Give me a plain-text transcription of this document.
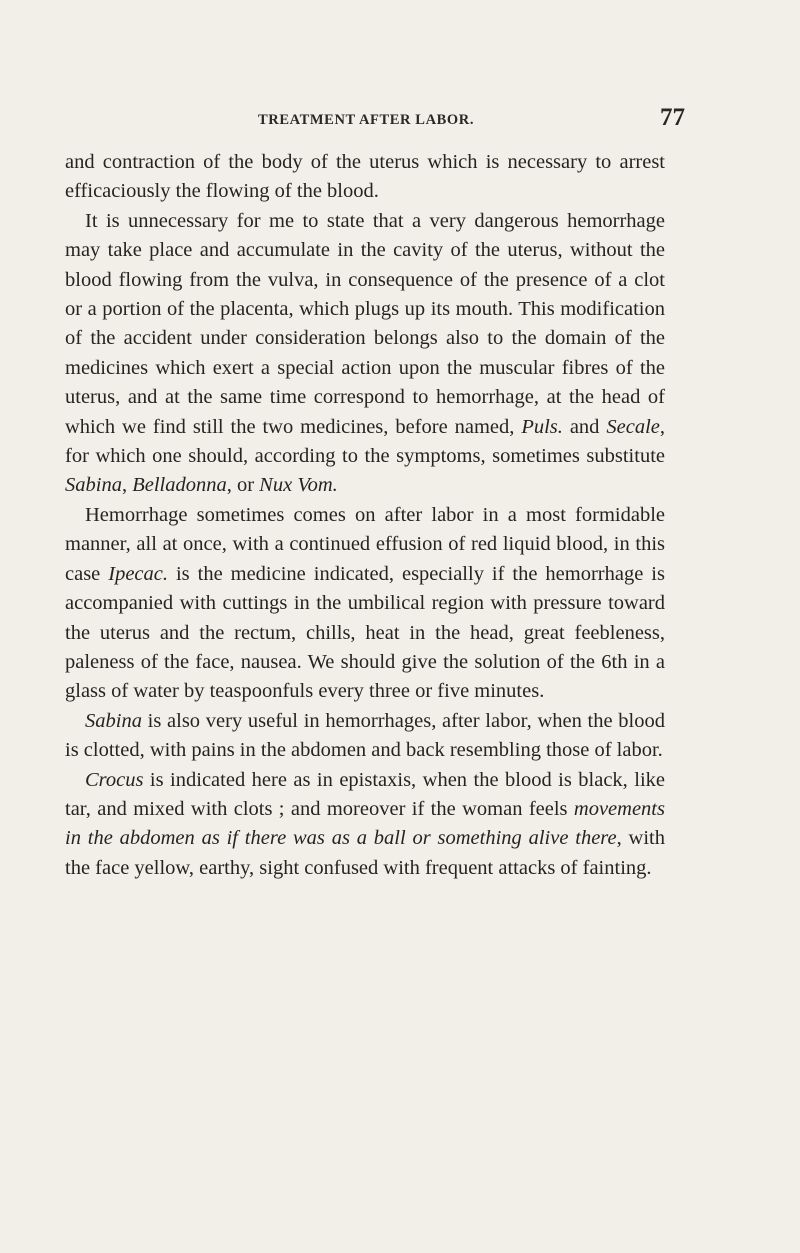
TREATMENT AFTER LABOR.	77

and contraction of the body of the uterus which is necessary to arrest efficaciously the flowing of the blood.

It is unnecessary for me to state that a very dangerous hemorrhage may take place and accumulate in the cavity of the uterus, without the blood flowing from the vulva, in consequence of the presence of a clot or a portion of the placenta, which plugs up its mouth. This modification of the accident under consideration belongs also to the domain of the medicines which exert a special action upon the muscular fibres of the uterus, and at the same time correspond to hemorrhage, at the head of which we find still the two medicines, before named, Puls. and Secale, for which one should, according to the symptoms, sometimes substitute Sabina, Belladonna, or Nux Vom.

Hemorrhage sometimes comes on after labor in a most formidable manner, all at once, with a continued effusion of red liquid blood, in this case Ipecac. is the medicine indicated, especially if the hemorrhage is accompanied with cuttings in the umbilical region with pressure toward the uterus and the rectum, chills, heat in the head, great feebleness, paleness of the face, nausea. We should give the solution of the 6th in a glass of water by teaspoonfuls every three or five minutes.

Sabina is also very useful in hemorrhages, after labor, when the blood is clotted, with pains in the abdomen and back resembling those of labor.

Crocus is indicated here as in epistaxis, when the blood is black, like tar, and mixed with clots ; and moreover if the woman feels movements in the abdomen as if there was as a ball or something alive there, with the face yellow, earthy, sight confused with frequent attacks of fainting.
